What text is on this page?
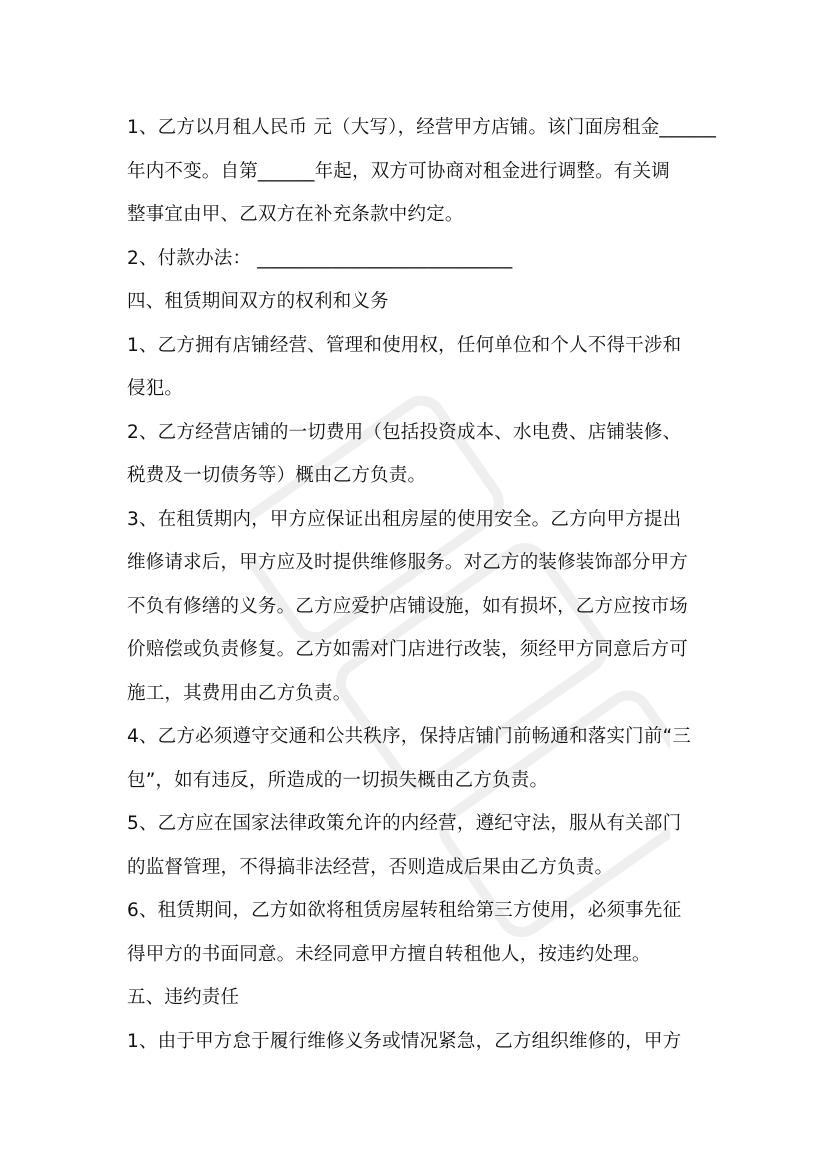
1、乙方以月租人民币 元（大写），经营甲方店铺。该门面房租金______
年内不变。自第______年起，双方可协商对租金进行调整。有关调
整事宜由甲、乙双方在补充条款中约定。
2、付款办法： ___________________________
四、租赁期间双方的权利和义务
1、乙方拥有店铺经营、管理和使用权，任何单位和个人不得干涉和
侵犯。
2、乙方经营店铺的一切费用（包括投资成本、水电费、店铺装修、
税费及一切债务等）概由乙方负责。
3、在租赁期内，甲方应保证出租房屋的使用安全。乙方向甲方提出
维修请求后，甲方应及时提供维修服务。对乙方的装修装饰部分甲方
不负有修缮的义务。乙方应爱护店铺设施，如有损坏，乙方应按市场
价赔偿或负责修复。乙方如需对门店进行改装，须经甲方同意后方可
施工，其费用由乙方负责。
4、乙方必须遵守交通和公共秩序，保持店铺门前畅通和落实门前“三
包”，如有违反，所造成的一切损失概由乙方负责。
5、乙方应在国家法律政策允许的内经营，遵纪守法，服从有关部门
的监督管理，不得搞非法经营，否则造成后果由乙方负责。
6、租赁期间，乙方如欲将租赁房屋转租给第三方使用，必须事先征
得甲方的书面同意。未经同意甲方擅自转租他人，按违约处理。
五、违约责任
1、由于甲方怠于履行维修义务或情况紧急，乙方组织维修的，甲方
